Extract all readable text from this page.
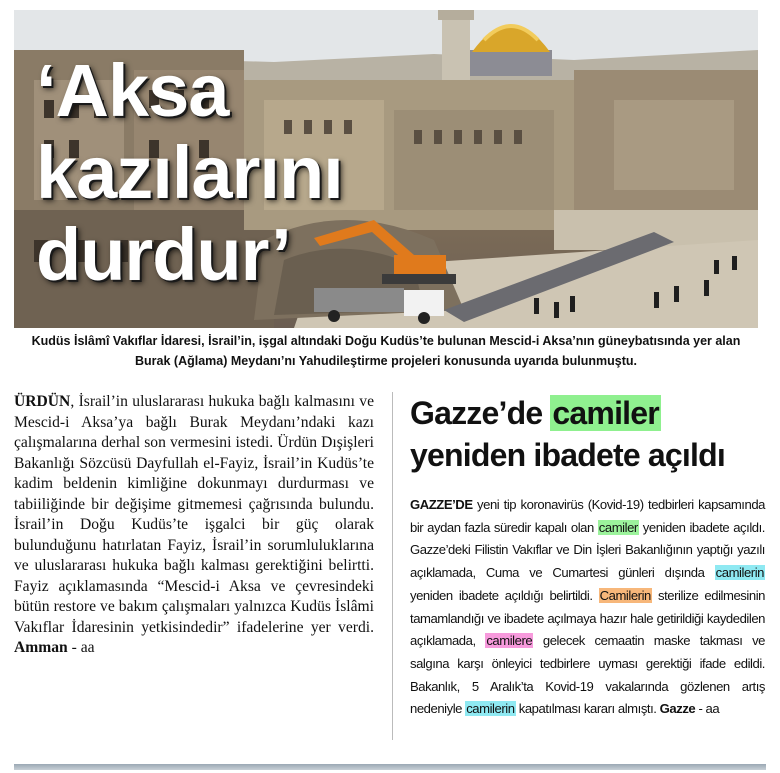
‘Aksa
kazılarını
durdur’
Kudüs İslâmî Vakıflar İdaresi, İsrail’in, işgal altındaki Doğu Kudüs’te bulunan Mescid-i Aksa’nın güneybatısında yer alan Burak (Ağlama) Meydanı’nı Yahudileştirme projeleri konusunda uyarıda bulunmuştu.
ÜRDÜN, İsrail’in uluslararası hukuka bağlı kalmasını ve Mescid-i Aksa’ya bağlı Burak Meydanı’ndaki kazı çalışmalarına derhal son vermesini istedi. Ürdün Dışişleri Bakanlığı Sözcüsü Dayfullah el-Fayiz, İsrail’in Kudüs’te kadim beldenin kimliğine dokunmayı durdurması ve tabiiliğinde bir değişime gitmemesi çağrısında bulundu. İsrail’in Doğu Kudüs’te işgalci bir güç olarak bulunduğunu hatırlatan Fayiz, İsrail’in sorumluluklarına ve uluslararası hukuka bağlı kalması gerektiğini belirtti. Fayiz açıklamasında “Mescid-i Aksa ve çevresindeki bütün restore ve bakım çalışmaları yalnızca Kudüs İslâmi Vakıflar İdaresinin yetkisindedir” ifadelerine yer verdi. Amman - aa
Gazze’de camiler
yeniden ibadete açıldı
GAZZE’DE yeni tip koronavirüs (Kovid-19) tedbirleri kapsamında bir aydan fazla süredir kapalı olan camiler yeniden ibadete açıldı. Gazze’deki Filistin Vakıflar ve Din İşleri Bakanlığının yaptığı yazılı açıklamada, Cuma ve Cumartesi günleri dışında camilerin yeniden ibadete açıldığı belirtildi. Camilerin sterilize edilmesinin tamamlandığı ve ibadete açılmaya hazır hale getirildiği kaydedilen açıklamada, camilere gelecek cemaatin maske takması ve salgına karşı önleyici tedbirlere uyması gerektiği ifade edildi. Bakanlık, 5 Aralık’ta Kovid-19 vakalarında gözlenen artış nedeniyle camilerin kapatılması kararı almıştı. Gazze - aa
